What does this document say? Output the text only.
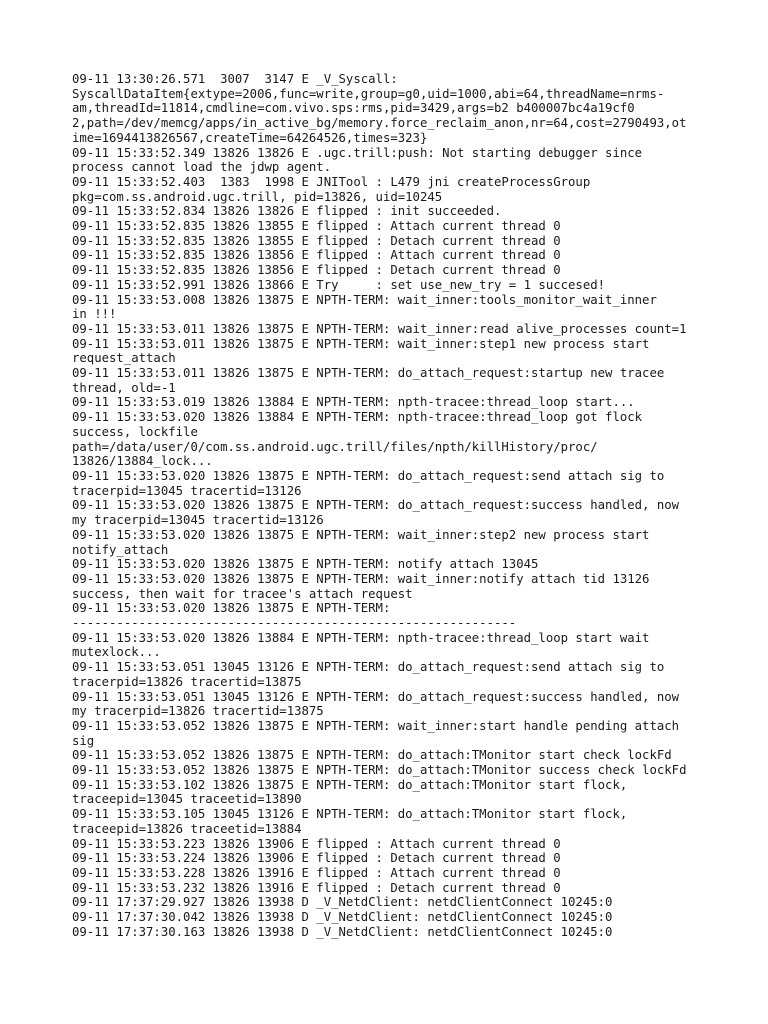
09-11 13:30:26.571  3007  3147 E _V_Syscall:
SyscallDataItem{extype=2006,func=write,group=g0,uid=1000,abi=64,threadName=nrms-
am,threadId=11814,cmdline=com.vivo.sps:rms,pid=3429,args=b2 b400007bc4a19cf0
2,path=/dev/memcg/apps/in_active_bg/memory.force_reclaim_anon,nr=64,cost=2790493,ot
ime=1694413826567,createTime=64264526,times=323}
09-11 15:33:52.349 13826 13826 E .ugc.trill:push: Not starting debugger since
process cannot load the jdwp agent.
09-11 15:33:52.403  1383  1998 E JNITool : L479 jni createProcessGroup
pkg=com.ss.android.ugc.trill, pid=13826, uid=10245
09-11 15:33:52.834 13826 13826 E flipped : init succeeded.
09-11 15:33:52.835 13826 13855 E flipped : Attach current thread 0
09-11 15:33:52.835 13826 13855 E flipped : Detach current thread 0
09-11 15:33:52.835 13826 13856 E flipped : Attach current thread 0
09-11 15:33:52.835 13826 13856 E flipped : Detach current thread 0
09-11 15:33:52.991 13826 13866 E Try     : set use_new_try = 1 succesed!
09-11 15:33:53.008 13826 13875 E NPTH-TERM: wait_inner:tools_monitor_wait_inner
in !!!
09-11 15:33:53.011 13826 13875 E NPTH-TERM: wait_inner:read alive_processes count=1
09-11 15:33:53.011 13826 13875 E NPTH-TERM: wait_inner:step1 new process start
request_attach
09-11 15:33:53.011 13826 13875 E NPTH-TERM: do_attach_request:startup new tracee
thread, old=-1
09-11 15:33:53.019 13826 13884 E NPTH-TERM: npth-tracee:thread_loop start...
09-11 15:33:53.020 13826 13884 E NPTH-TERM: npth-tracee:thread_loop got flock
success, lockfile
path=/data/user/0/com.ss.android.ugc.trill/files/npth/killHistory/proc/
13826/13884_lock...
09-11 15:33:53.020 13826 13875 E NPTH-TERM: do_attach_request:send attach sig to
tracerpid=13045 tracertid=13126
09-11 15:33:53.020 13826 13875 E NPTH-TERM: do_attach_request:success handled, now
my tracerpid=13045 tracertid=13126
09-11 15:33:53.020 13826 13875 E NPTH-TERM: wait_inner:step2 new process start
notify_attach
09-11 15:33:53.020 13826 13875 E NPTH-TERM: notify attach 13045
09-11 15:33:53.020 13826 13875 E NPTH-TERM: wait_inner:notify attach tid 13126
success, then wait for tracee's attach request
09-11 15:33:53.020 13826 13875 E NPTH-TERM:
------------------------------------------------------------
09-11 15:33:53.020 13826 13884 E NPTH-TERM: npth-tracee:thread_loop start wait
mutexlock...
09-11 15:33:53.051 13045 13126 E NPTH-TERM: do_attach_request:send attach sig to
tracerpid=13826 tracertid=13875
09-11 15:33:53.051 13045 13126 E NPTH-TERM: do_attach_request:success handled, now
my tracerpid=13826 tracertid=13875
09-11 15:33:53.052 13826 13875 E NPTH-TERM: wait_inner:start handle pending attach
sig
09-11 15:33:53.052 13826 13875 E NPTH-TERM: do_attach:TMonitor start check lockFd
09-11 15:33:53.052 13826 13875 E NPTH-TERM: do_attach:TMonitor success check lockFd
09-11 15:33:53.102 13826 13875 E NPTH-TERM: do_attach:TMonitor start flock,
traceepid=13045 traceetid=13890
09-11 15:33:53.105 13045 13126 E NPTH-TERM: do_attach:TMonitor start flock,
traceepid=13826 traceetid=13884
09-11 15:33:53.223 13826 13906 E flipped : Attach current thread 0
09-11 15:33:53.224 13826 13906 E flipped : Detach current thread 0
09-11 15:33:53.228 13826 13916 E flipped : Attach current thread 0
09-11 15:33:53.232 13826 13916 E flipped : Detach current thread 0
09-11 17:37:29.927 13826 13938 D _V_NetdClient: netdClientConnect 10245:0
09-11 17:37:30.042 13826 13938 D _V_NetdClient: netdClientConnect 10245:0
09-11 17:37:30.163 13826 13938 D _V_NetdClient: netdClientConnect 10245:0
